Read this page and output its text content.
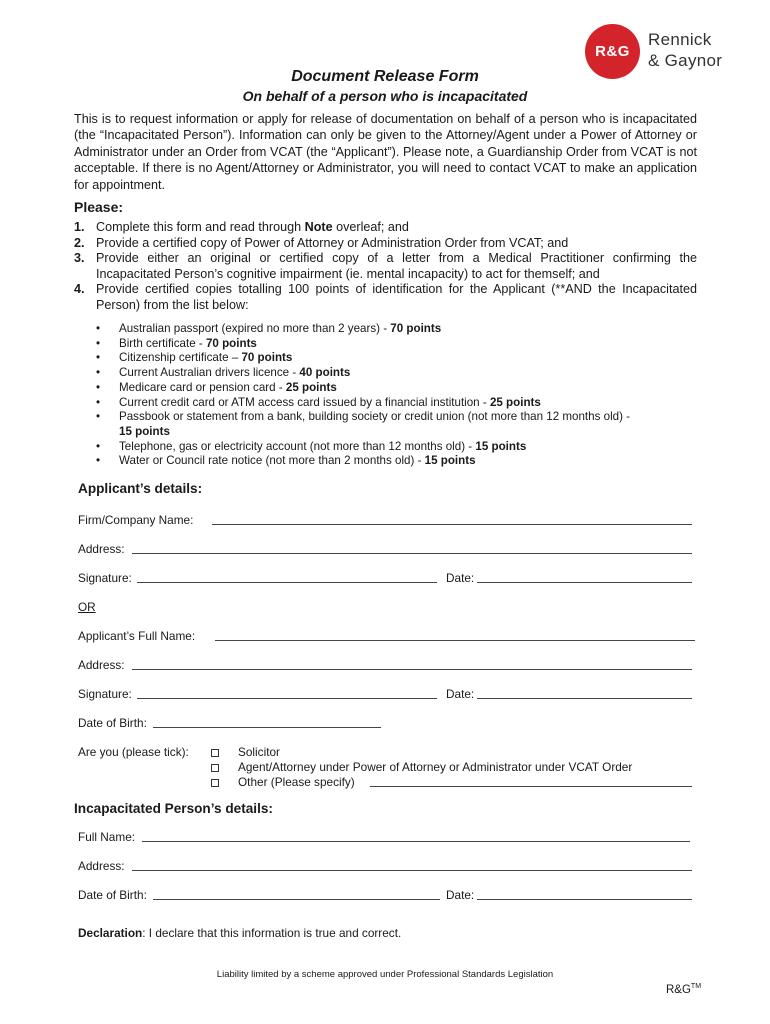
R&G
Rennick
& Gaynor
Document Release Form
On behalf of a person who is incapacitated
This is to request information or apply for release of documentation on behalf of a person who is incapacitated (the “Incapacitated Person”). Information can only be given to the Attorney/Agent under a Power of Attorney or Administrator under an Order from VCAT (the “Applicant”). Please note, a Guardianship Order from VCAT is not acceptable. If there is no Agent/Attorney or Administrator, you will need to contact VCAT to make an application for appointment.
Please:
1. Complete this form and read through Note overleaf; and
2. Provide a certified copy of Power of Attorney or Administration Order from VCAT; and
3. Provide either an original or certified copy of a letter from a Medical Practitioner confirming the Incapacitated Person’s cognitive impairment (ie. mental incapacity) to act for themself; and
4. Provide certified copies totalling 100 points of identification for the Applicant (**AND the Incapacitated Person) from the list below:
• Australian passport (expired no more than 2 years) - 70 points
• Birth certificate - 70 points
• Citizenship certificate – 70 points
• Current Australian drivers licence - 40 points
• Medicare card or pension card - 25 points
• Current credit card or ATM access card issued by a financial institution - 25 points
• Passbook or statement from a bank, building society or credit union (not more than 12 months old) -
15 points
• Telephone, gas or electricity account (not more than 12 months old) - 15 points
• Water or Council rate notice (not more than 2 months old) - 15 points
Applicant’s details:
Firm/Company Name:
Address:
Signature:	Date:
OR
Applicant’s Full Name:
Address:
Signature:	Date:
Date of Birth:
Are you (please tick):	Solicitor
Agent/Attorney under Power of Attorney or Administrator under VCAT Order
Other (Please specify)
Incapacitated Person’s details:
Full Name:
Address:
Date of Birth:	Date:
Declaration: I declare that this information is true and correct.
Liability limited by a scheme approved under Professional Standards Legislation
R&G™
